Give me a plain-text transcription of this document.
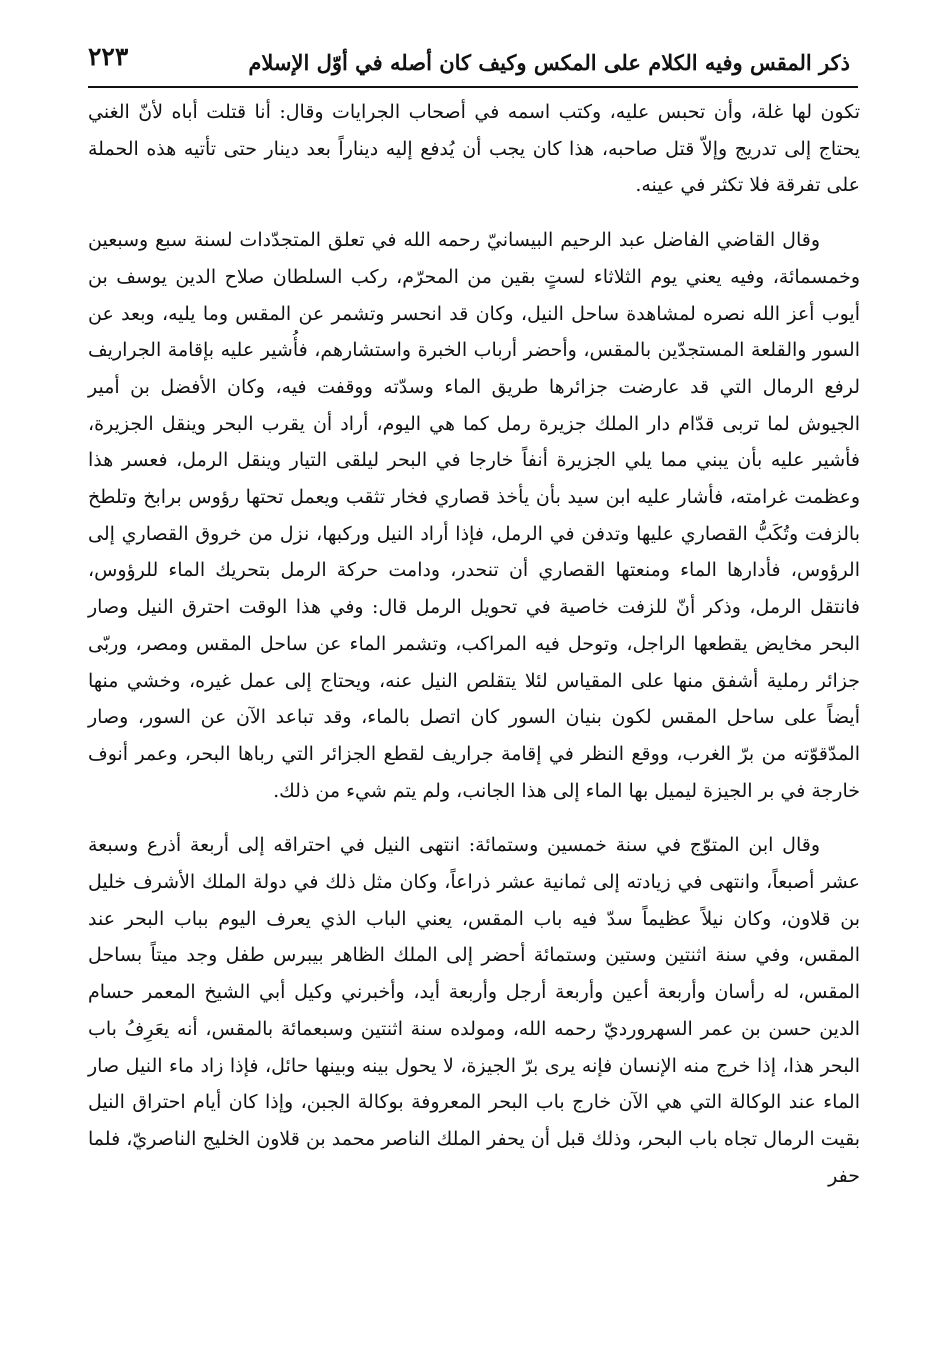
ذكر المقس وفيه الكلام على المكس وكيف كان أصله في أوّل الإسلام
٢٢٣

تكون لها غلة، وأن تحبس عليه، وكتب اسمه في أصحاب الجرايات وقال: أنا قتلت أباه لأنّ الغني يحتاج إلى تدريج وإلاّ قتل صاحبه، هذا كان يجب أن يُدفع إليه ديناراً بعد دينار حتى تأتيه هذه الحملة على تفرقة فلا تكثر في عينه.

وقال القاضي الفاضل عبد الرحيم البيسانيّ رحمه الله في تعلق المتجدّدات لسنة سبع وسبعين وخمسمائة، وفيه يعني يوم الثلاثاء لستٍ بقين من المحرّم، ركب السلطان صلاح الدين يوسف بن أيوب أعز الله نصره لمشاهدة ساحل النيل، وكان قد انحسر وتشمر عن المقس وما يليه، وبعد عن السور والقلعة المستجدّين بالمقس، وأحضر أرباب الخبرة واستشارهم، فأُشير عليه بإقامة الجراريف لرفع الرمال التي قد عارضت جزائرها طريق الماء وسدّته ووقفت فيه، وكان الأفضل بن أمير الجيوش لما تربى قدّام دار الملك جزيرة رمل كما هي اليوم، أراد أن يقرب البحر وينقل الجزيرة، فأشير عليه بأن يبني مما يلي الجزيرة أنفاً خارجا في البحر ليلقى التيار وينقل الرمل، فعسر هذا وعظمت غرامته، فأشار عليه ابن سيد بأن يأخذ قصاري فخار تثقب ويعمل تحتها رؤوس برابخ وتلطخ بالزفت وتُكَبُّ القصاري عليها وتدفن في الرمل، فإذا أراد النيل وركبها، نزل من خروق القصاري إلى الرؤوس، فأدارها الماء ومنعتها القصاري أن تنحدر، ودامت حركة الرمل بتحريك الماء للرؤوس، فانتقل الرمل، وذكر أنّ للزفت خاصية في تحويل الرمل قال: وفي هذا الوقت احترق النيل وصار البحر مخايض يقطعها الراجل، وتوحل فيه المراكب، وتشمر الماء عن ساحل المقس ومصر، وربّى جزائر رملية أشفق منها على المقياس لئلا يتقلص النيل عنه، ويحتاج إلى عمل غيره، وخشي منها أيضاً على ساحل المقس لكون بنيان السور كان اتصل بالماء، وقد تباعد الآن عن السور، وصار المدّقوّته من برّ الغرب، ووقع النظر في إقامة جراريف لقطع الجزائر التي رباها البحر، وعمر أنوف خارجة في بر الجيزة ليميل بها الماء إلى هذا الجانب، ولم يتم شيء من ذلك.

وقال ابن المتوّج في سنة خمسين وستمائة: انتهى النيل في احتراقه إلى أربعة أذرع وسبعة عشر أصبعاً، وانتهى في زيادته إلى ثمانية عشر ذراعاً، وكان مثل ذلك في دولة الملك الأشرف خليل بن قلاون، وكان نيلاً عظيماً سدّ فيه باب المقس، يعني الباب الذي يعرف اليوم بباب البحر عند المقس، وفي سنة اثنتين وستين وستمائة أحضر إلى الملك الظاهر بيبرس طفل وجد ميتاً بساحل المقس، له رأسان وأربعة أعين وأربعة أرجل وأربعة أيد، وأخبرني وكيل أبي الشيخ المعمر حسام الدين حسن بن عمر السهرورديّ رحمه الله، ومولده سنة اثنتين وسبعمائة بالمقس، أنه يعَرِفُ باب البحر هذا، إذا خرج منه الإنسان فإنه يرى برّ الجيزة، لا يحول بينه وبينها حائل، فإذا زاد ماء النيل صار الماء عند الوكالة التي هي الآن خارج باب البحر المعروفة بوكالة الجبن، وإذا كان أيام احتراق النيل بقيت الرمال تجاه باب البحر، وذلك قبل أن يحفر الملك الناصر محمد بن قلاون الخليج الناصريّ، فلما حفر
